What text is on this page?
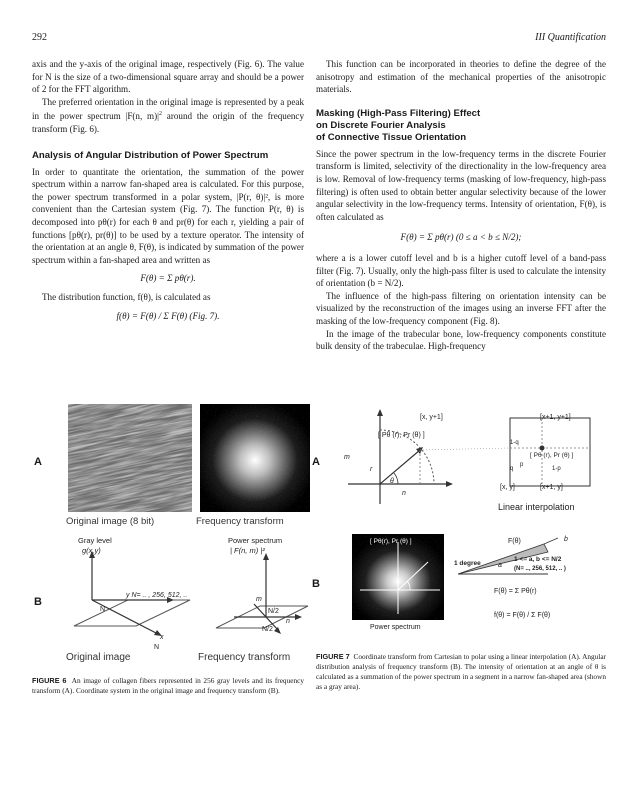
292	III Quantification

axis and the y-axis of the original image, respectively (Fig. 6). The value for N is the size of a two-dimensional square array and should be a power of 2 for the FFT algorithm.

The preferred orientation in the original image is represented by a peak in the power spectrum |F(n, $m)|^2$ around the origin of the frequency transform (Fig. 6).

Analysis of Angular Distribution of Power Spectrum

In order to quantitate the orientation, the summation of the power spectrum within a narrow fan-shaped area is calculated. For this purpose, the power spectrum transformed in a polar system, |P(r, θ)|², is more convenient than the Cartesian system (Fig. 7). The function P(r, θ) is decomposed into pθ(r) for each θ and pr(θ) for each r, yielding a pair of functions [pθ(r), pr(θ)] to be used by a texture operator. The intensity of the orientation at an angle θ, F(θ), is indicated by summation of the power spectrum within a fan-shaped area and written as

F(θ) = Σ pθ(r).

The distribution function, f(θ), is calculated as

f(θ) = F(θ) / Σ F(θ) (Fig. 7).

This function can be incorporated in theories to define the degree of the anisotropy and estimation of the mechanical properties of the anisotropic materials.

Masking (High-Pass Filtering) Effect
on Discrete Fourier Analysis
of Connective Tissue Orientation

Since the power spectrum in the low-frequency terms in the discrete Fourier transform is limited, selectivity of the directionality in the low-frequency area is low. Removal of low-frequency terms (masking of low-frequency, high-pass filtering) is often used to obtain better angular selectivity because of the lower angular selectivity in the low-frequency terms. Intensity of orientation, F(θ), is often calculated as

F(θ) = Σ pθ(r) (0 ≤ a < b ≤ N/2);

where a is a lower cutoff level and b is a higher cutoff level of a band-pass filter (Fig. 7). Usually, only the high-pass filter is used to calculate the intensity of orientation (b = N/2).

The influence of the high-pass filtering on orientation intensity can be visualized by the reconstruction of the images using an inverse FFT after the masking of the low-frequency component (Fig. 8).

In the image of the trabecular bone, low-frequency components constitute bulk density of the trabeculae. High-frequency

A
B
Original image (8 bit)	Frequency transform
Gray level
g(x,y)
Power spectrum
| F(n, m) |²
y N= .. , 256, 512, ..
N
x
N
m
N/2
n
N/2
Original image	Frequency transform
FIGURE 6 An image of collagen fibers represented in 256 gray levels and its frequency transform (A). Coordinate system in the original image and frequency transform (B).
A
B
[x, y+1]	[x+1, y+1]
[ Pθ (r), Pr (θ) ]
1-q
[ Pθ (r), Pr (θ) ]
q
p
1-p
m
r
θ
n
[x, y]	[x+1, y]
Linear interpolation
[ Pθ(r), Pr (θ) ]
Power spectrum
1 degree
F(θ)	b
a
1 <= a, b <= N/2
(N= .., 256, 512, .. )
F(θ) = Σ Pθ(r)
f(θ) = F(θ) / Σ F(θ)
FIGURE 7 Coordinate transform from Cartesian to polar using a linear interpolation (A). Angular distribution analysis of frequency transform (B). The intensity of orientation at an angle of θ is calculated as a summation of the power spectrum in a segment in a narrow fan-shaped area (shown as a gray area).
